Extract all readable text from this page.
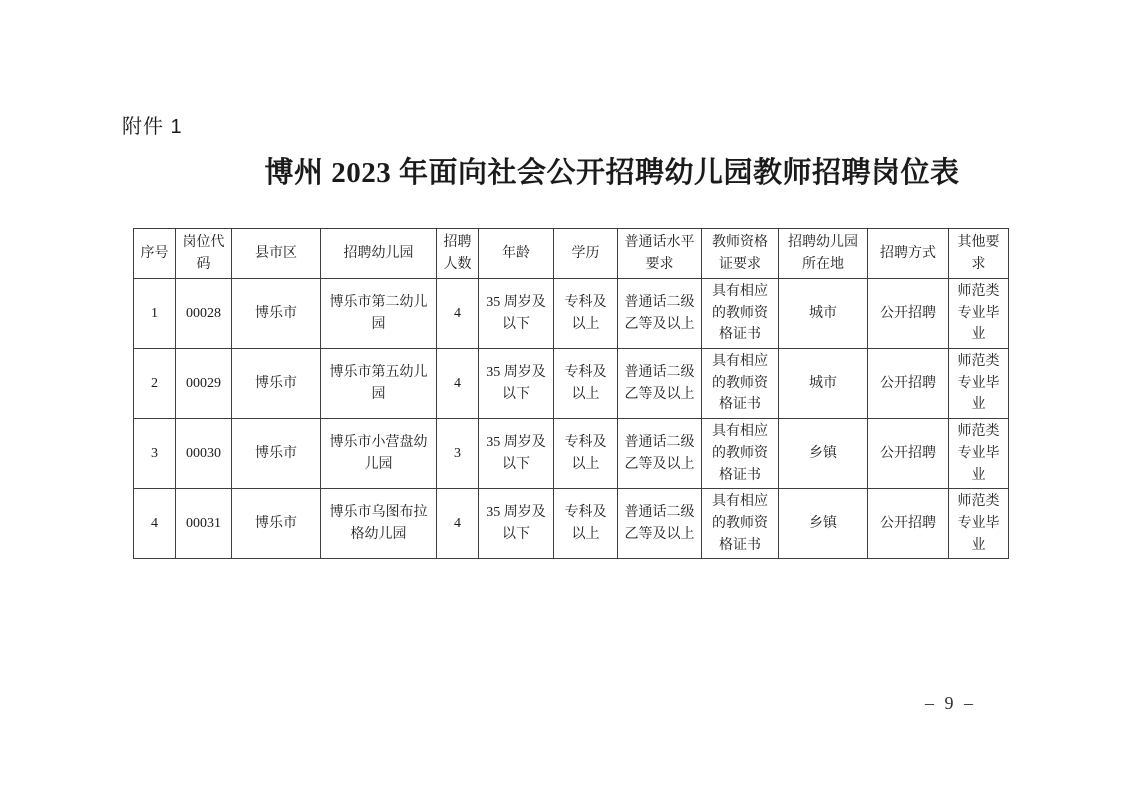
附件 1
博州 2023 年面向社会公开招聘幼儿园教师招聘岗位表
序号	岗位代码	县市区	招聘幼儿园	招聘人数	年龄	学历	普通话水平要求	教师资格证要求	招聘幼儿园所在地	招聘方式	其他要求
1	00028	博乐市	博乐市第二幼儿园	4	35 周岁及以下	专科及以上	普通话二级乙等及以上	具有相应的教师资格证书	城市	公开招聘	师范类专业毕业
2	00029	博乐市	博乐市第五幼儿园	4	35 周岁及以下	专科及以上	普通话二级乙等及以上	具有相应的教师资格证书	城市	公开招聘	师范类专业毕业
3	00030	博乐市	博乐市小营盘幼儿园	3	35 周岁及以下	专科及以上	普通话二级乙等及以上	具有相应的教师资格证书	乡镇	公开招聘	师范类专业毕业
4	00031	博乐市	博乐市乌图布拉格幼儿园	4	35 周岁及以下	专科及以上	普通话二级乙等及以上	具有相应的教师资格证书	乡镇	公开招聘	师范类专业毕业
– 9 –
